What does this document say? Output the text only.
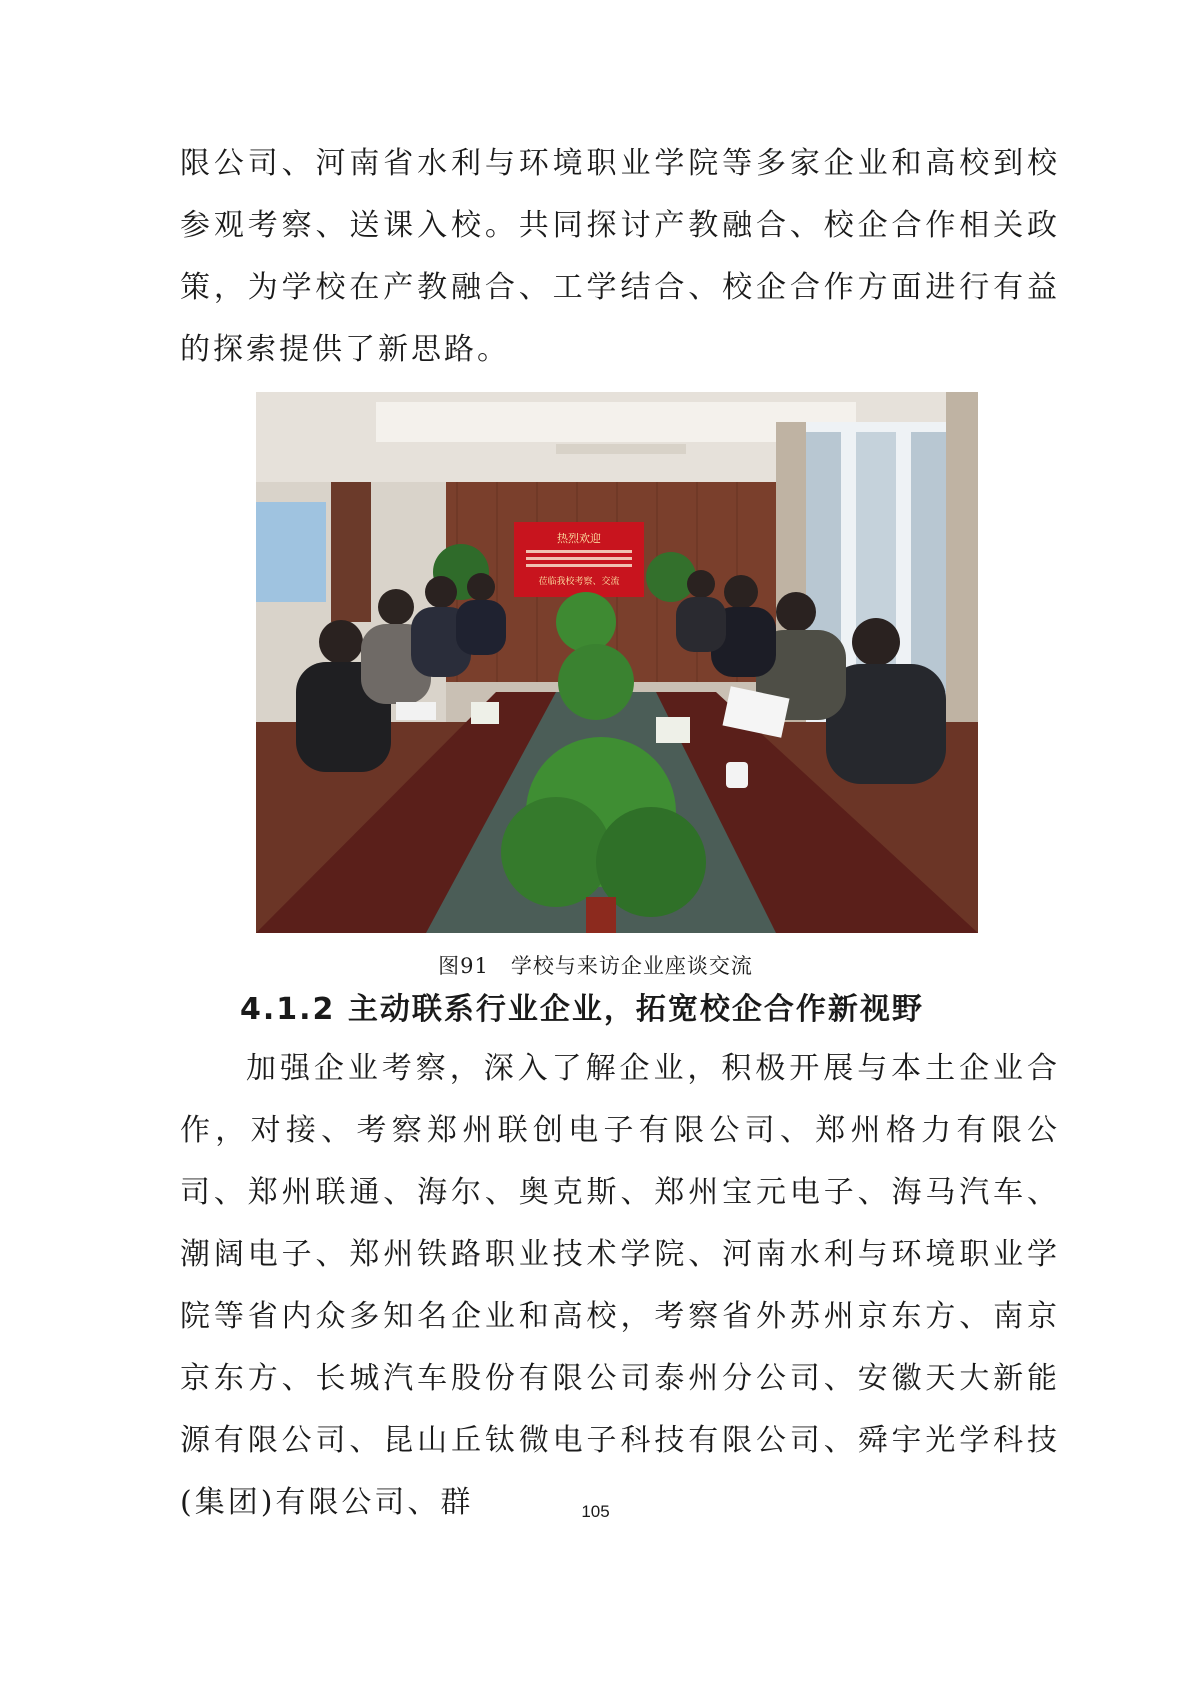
限公司、河南省水利与环境职业学院等多家企业和高校到校参观考察、送课入校。共同探讨产教融合、校企合作相关政策，为学校在产教融合、工学结合、校企合作方面进行有益的探索提供了新思路。

热烈欢迎
莅临我校考察、交流
图91　学校与来访企业座谈交流
4.1.2 主动联系行业企业，拓宽校企合作新视野

加强企业考察，深入了解企业，积极开展与本土企业合作，对接、考察郑州联创电子有限公司、郑州格力有限公司、郑州联通、海尔、奥克斯、郑州宝元电子、海马汽车、潮阔电子、郑州铁路职业技术学院、河南水利与环境职业学院等省内众多知名企业和高校，考察省外苏州京东方、南京京东方、长城汽车股份有限公司泰州分公司、安徽天大新能源有限公司、昆山丘钛微电子科技有限公司、舜宇光学科技(集团)有限公司、群	105
